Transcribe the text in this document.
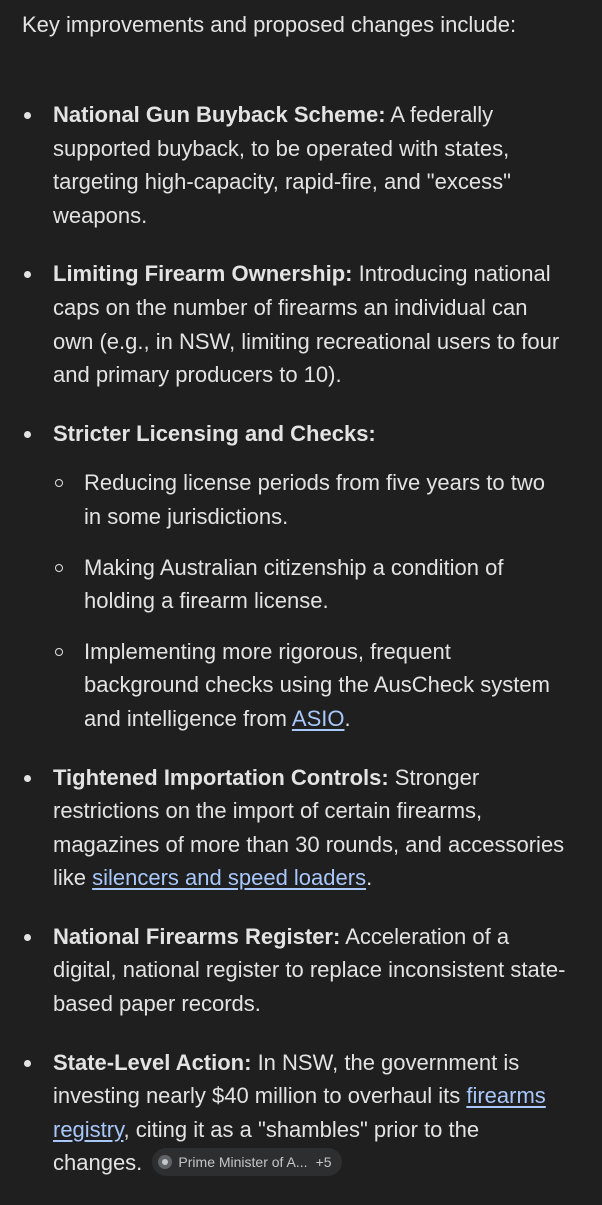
Key improvements and proposed changes include:

National Gun Buyback Scheme: A federally supported buyback, to be operated with states, targeting high-capacity, rapid-fire, and "excess" weapons.
Limiting Firearm Ownership: Introducing national caps on the number of firearms an individual can own (e.g., in NSW, limiting recreational users to four and primary producers to 10).
Stricter Licensing and Checks:
Reducing license periods from five years to two in some jurisdictions.
Making Australian citizenship a condition of holding a firearm license.
Implementing more rigorous, frequent background checks using the AusCheck system and intelligence from ASIO.
Tightened Importation Controls: Stronger restrictions on the import of certain firearms, magazines of more than 30 rounds, and accessories like silencers and speed loaders.
National Firearms Register: Acceleration of a digital, national register to replace inconsistent state-based paper records.
State-Level Action: In NSW, the government is investing nearly $40 million to overhaul its firearms registry, citing it as a "shambles" prior to the changes.	Prime Minister of A... +5
